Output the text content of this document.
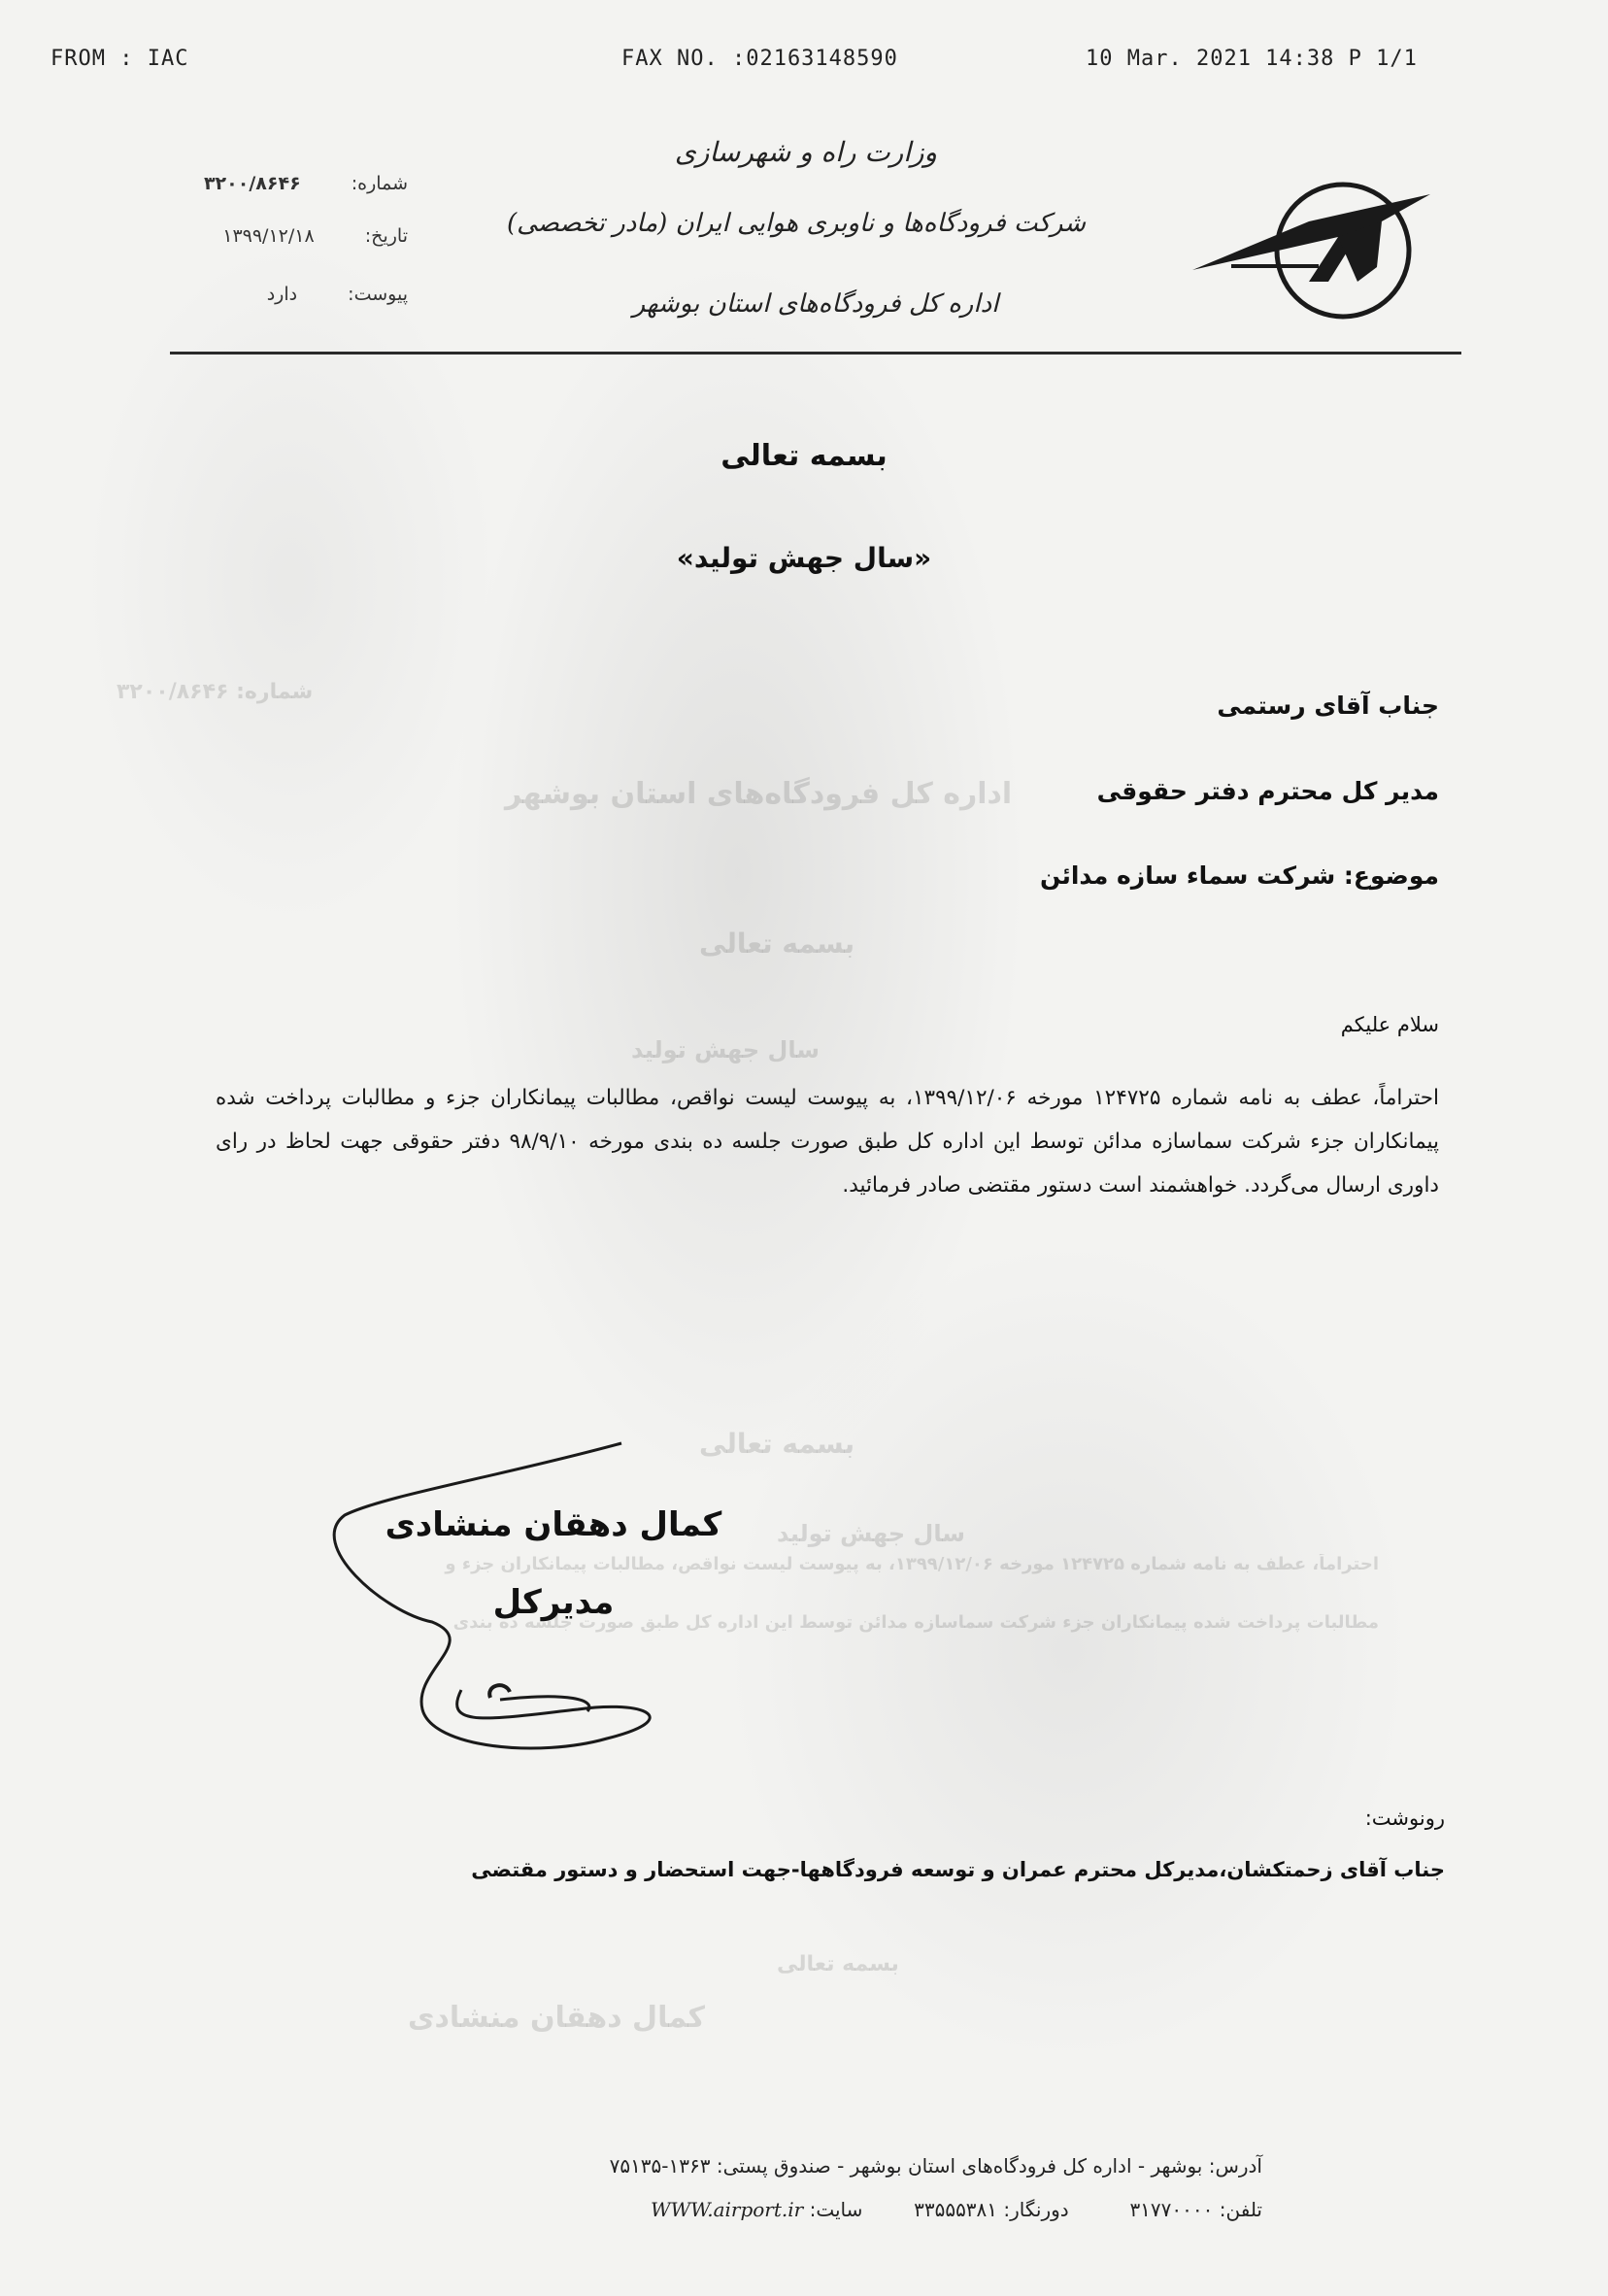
بسمه تعالی
سال جهش تولید
بسمه تعالی
سال جهش تولید
بسمه تعالی
کمال دهقان منشادی
شماره: ۳۲۰۰/۸۶۴۶
اداره کل فرودگاه‌های استان بوشهر
احتراماً، عطف به نامه شماره ۱۲۴۷۲۵ مورخه ۱۳۹۹/۱۲/۰۶، به پیوست لیست نواقص، مطالبات پیمانکاران جزء و
مطالبات پرداخت شده پیمانکاران جزء شرکت سماسازه مدائن توسط این اداره کل طبق صورت جلسه ده بندی
FROM : IAC	FAX NO. :02163148590	10 Mar. 2021 14:38 P 1/1
وزارت راه و شهرسازی
شرکت فرودگاه‌ها و ناوبری هوایی ایران (مادر تخصصی)
اداره کل فرودگاه‌های استان بوشهر
شماره:  ۳۲۰۰/۸۶۴۶
تاریخ:  ۱۳۹۹/۱۲/۱۸
پیوست:  دارد
بسمه تعالی
«سال جهش تولید»
جناب آقای رستمی
مدیر کل محترم دفتر حقوقی
موضوع: شرکت سماء سازه مدائن
سلام علیکم
احتراماً، عطف به نامه شماره ۱۲۴۷۲۵ مورخه ۱۳۹۹/۱۲/۰۶، به پیوست لیست نواقص، مطالبات پیمانکاران جزء و مطالبات پرداخت شده پیمانکاران جزء شرکت سماسازه مدائن توسط این اداره کل طبق صورت جلسه ده بندی مورخه ۹۸/۹/۱۰ دفتر حقوقی جهت لحاظ در رای داوری ارسال می‌گردد. خواهشمند است دستور مقتضی صادر فرمائید.
کمال دهقان منشادی
مدیرکل
رونوشت:
جناب آقای زحمتکشان،مدیرکل محترم عمران و توسعه فرودگاهها-جهت استحضار و دستور مقتضی
آدرس: بوشهر - اداره کل فرودگاه‌های استان بوشهر - صندوق پستی: ۱۳۶۳-۷۵۱۳۵
تلفن: ۳۱۷۷۰۰۰۰  دورنگار: ۳۳۵۵۵۳۸۱  سایت: WWW.airport.ir
